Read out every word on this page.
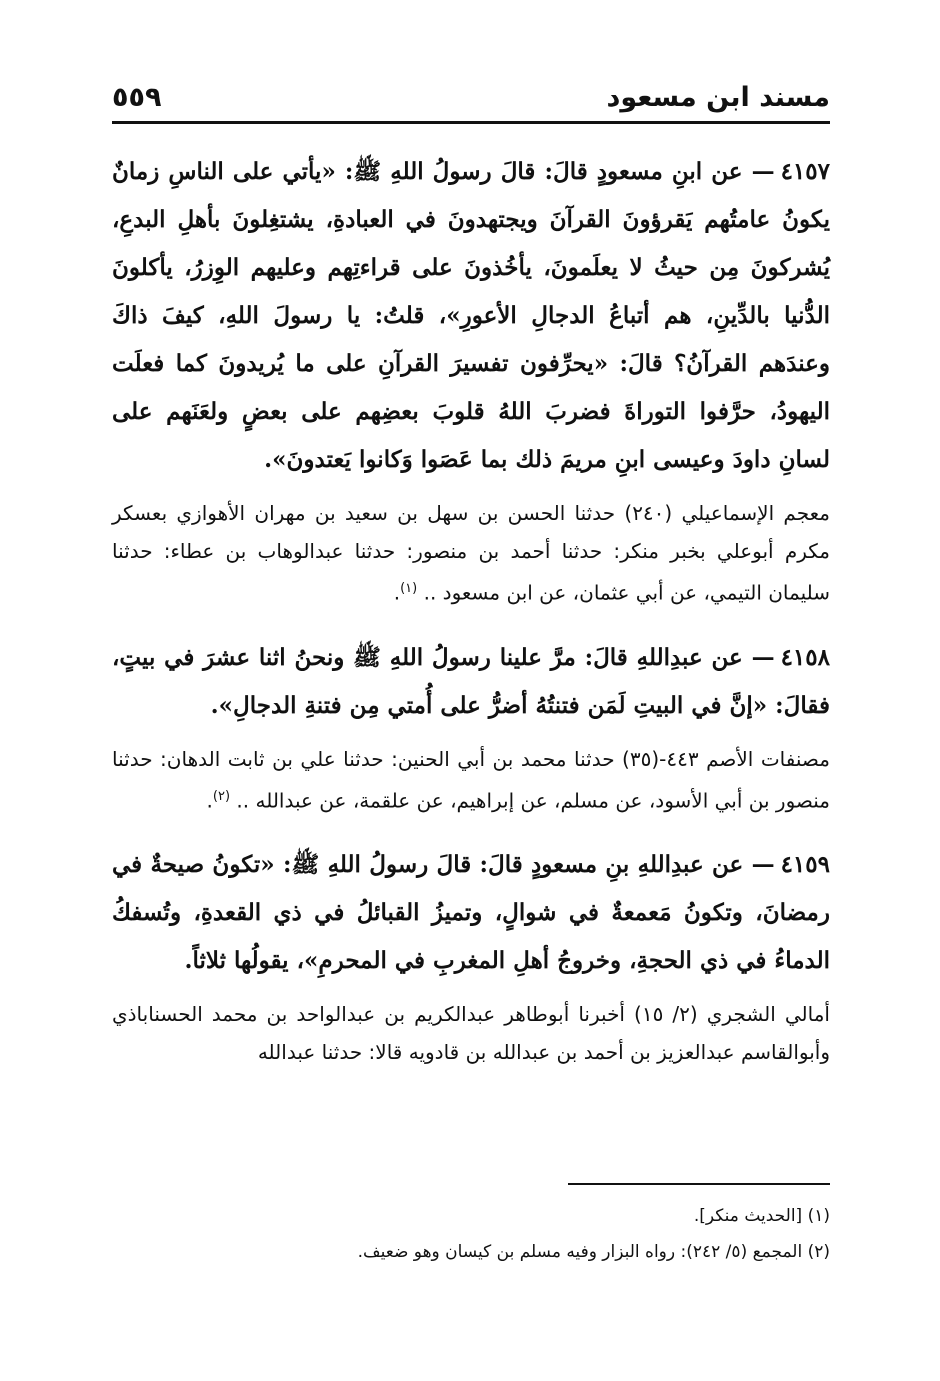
مسند ابن مسعود
٥٥٩

٤١٥٧— عن ابنِ مسعودٍ قالَ: قالَ رسولُ اللهِ ﷺ: «يأتي على الناسِ زمانٌ يكونُ عامتُهم يَقرؤونَ القرآنَ ويجتهدونَ في العبادةِ، يشتغِلونَ بأهلِ البدعِ، يُشركونَ مِن حيثُ لا يعلَمونَ، يأخُذونَ على قراءتِهم وعليهم الوِزرُ، يأكلونَ الدُّنيا بالدِّينِ، هم أتباعُ الدجالِ الأعورِ»، قلتُ: يا رسولَ اللهِ، كيفَ ذاكَ وعندَهم القرآنُ؟ قالَ: «يحرِّفون تفسيرَ القرآنِ على ما يُريدونَ كما فعلَت اليهودُ، حرَّفوا التوراةَ فضربَ اللهُ قلوبَ بعضِهم على بعضٍ ولعَنَهم على لسانِ داودَ وعيسى ابنِ مريمَ ذلك بما عَصَوا وَكانوا يَعتدونَ».

معجم الإسماعيلي (٢٤٠) حدثنا الحسن بن سهل بن سعيد بن مهران الأهوازي بعسكر مكرم أبوعلي بخبر منكر: حدثنا أحمد بن منصور: حدثنا عبدالوهاب بن عطاء: حدثنا سليمان التيمي، عن أبي عثمان، عن ابن مسعود .. $^{(١)}$.

٤١٥٨— عن عبدِاللهِ قالَ: مرَّ علينا رسولُ اللهِ ﷺ ونحنُ اثنا عشرَ في بيتٍ، فقالَ: «إنَّ في البيتِ لَمَن فتنتُهُ أضرُّ على أُمتي مِن فتنةِ الدجالِ».

مصنفات الأصم ٤٤٣-(٣٥) حدثنا محمد بن أبي الحنين: حدثنا علي بن ثابت الدهان: حدثنا منصور بن أبي الأسود، عن مسلم، عن إبراهيم، عن علقمة، عن عبدالله .. $^{(٢)}$.

٤١٥٩— عن عبدِاللهِ بنِ مسعودٍ قالَ: قالَ رسولُ اللهِ ﷺ: «تكونُ صيحةٌ في رمضانَ، وتكونُ مَعمعةٌ في شوالٍ، وتميزُ القبائلُ في ذي القعدةِ، وتُسفكُ الدماءُ في ذي الحجةِ، وخروجُ أهلِ المغربِ في المحرمِ»، يقولُها ثلاثاً.

أمالي الشجري (٢/ ١٥) أخبرنا أبوطاهر عبدالكريم بن عبدالواحد بن محمد الحسناباذي وأبوالقاسم عبدالعزيز بن أحمد بن عبدالله بن قادويه قالا: حدثنا عبدالله

(١) [الحديث منكر].

(٢) المجمع (٥/ ٢٤٢): رواه البزار وفيه مسلم بن كيسان وهو ضعيف.
